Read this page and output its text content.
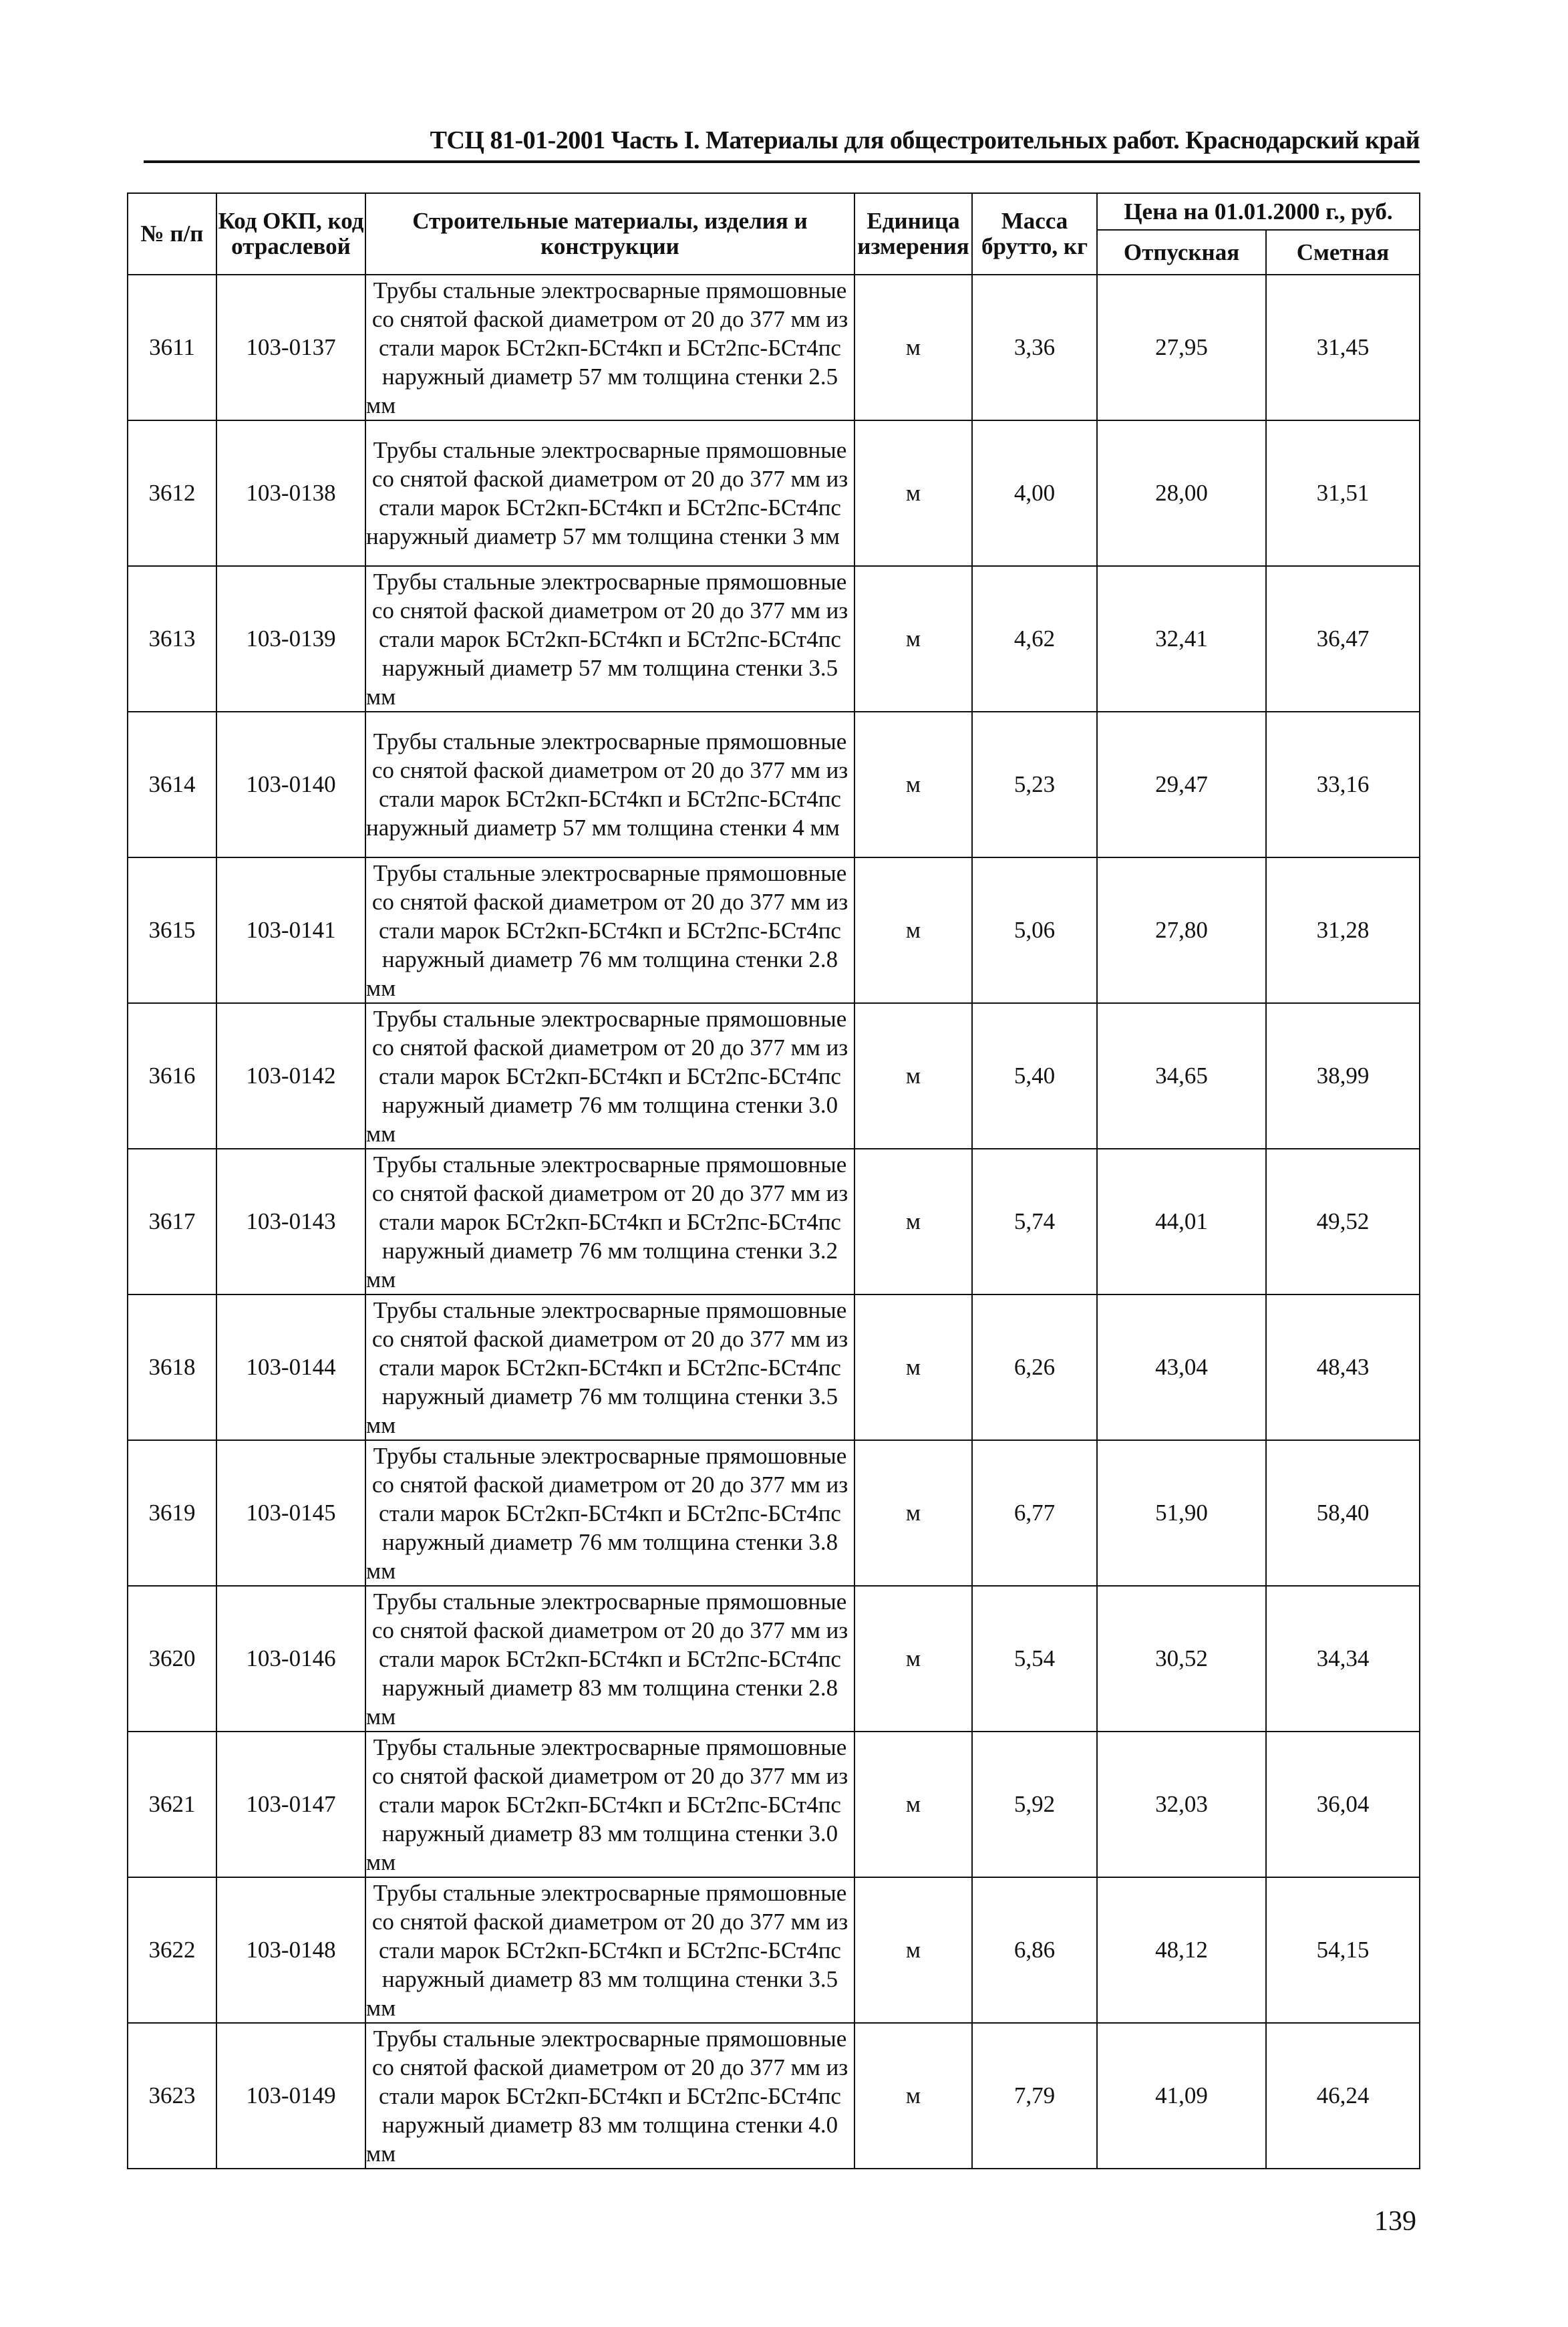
ТСЦ 81-01-2001 Часть I. Материалы для общестроительных работ. Краснодарский край
№ п/п	Код ОКП, код отраслевой	Строительные материалы, изделия и конструкции	Единица измерения	Масса брутто, кг	Цена на 01.01.2000 г., руб.	
					Отпускная	Сметная
3611	103-0137	Трубы стальные электросварные прямошовные со снятой фаской диаметром от 20 до 377 мм из стали марок БСт2кп-БСт4кп и БСт2пс-БСт4пс наружный диаметр 57 мм толщина стенки 2.5 мм	м	3,36	27,95	31,45
3612	103-0138	Трубы стальные электросварные прямошовные со снятой фаской диаметром от 20 до 377 мм из стали марок БСт2кп-БСт4кп и БСт2пс-БСт4пс наружный диаметр 57 мм толщина стенки 3 мм	м	4,00	28,00	31,51
3613	103-0139	Трубы стальные электросварные прямошовные со снятой фаской диаметром от 20 до 377 мм из стали марок БСт2кп-БСт4кп и БСт2пс-БСт4пс наружный диаметр 57 мм толщина стенки 3.5 мм	м	4,62	32,41	36,47
3614	103-0140	Трубы стальные электросварные прямошовные со снятой фаской диаметром от 20 до 377 мм из стали марок БСт2кп-БСт4кп и БСт2пс-БСт4пс наружный диаметр 57 мм толщина стенки 4 мм	м	5,23	29,47	33,16
3615	103-0141	Трубы стальные электросварные прямошовные со снятой фаской диаметром от 20 до 377 мм из стали марок БСт2кп-БСт4кп и БСт2пс-БСт4пс наружный диаметр 76 мм толщина стенки 2.8 мм	м	5,06	27,80	31,28
3616	103-0142	Трубы стальные электросварные прямошовные со снятой фаской диаметром от 20 до 377 мм из стали марок БСт2кп-БСт4кп и БСт2пс-БСт4пс наружный диаметр 76 мм толщина стенки 3.0 мм	м	5,40	34,65	38,99
3617	103-0143	Трубы стальные электросварные прямошовные со снятой фаской диаметром от 20 до 377 мм из стали марок БСт2кп-БСт4кп и БСт2пс-БСт4пс наружный диаметр 76 мм толщина стенки 3.2 мм	м	5,74	44,01	49,52
3618	103-0144	Трубы стальные электросварные прямошовные со снятой фаской диаметром от 20 до 377 мм из стали марок БСт2кп-БСт4кп и БСт2пс-БСт4пс наружный диаметр 76 мм толщина стенки 3.5 мм	м	6,26	43,04	48,43
3619	103-0145	Трубы стальные электросварные прямошовные со снятой фаской диаметром от 20 до 377 мм из стали марок БСт2кп-БСт4кп и БСт2пс-БСт4пс наружный диаметр 76 мм толщина стенки 3.8 мм	м	6,77	51,90	58,40
3620	103-0146	Трубы стальные электросварные прямошовные со снятой фаской диаметром от 20 до 377 мм из стали марок БСт2кп-БСт4кп и БСт2пс-БСт4пс наружный диаметр 83 мм толщина стенки 2.8 мм	м	5,54	30,52	34,34
3621	103-0147	Трубы стальные электросварные прямошовные со снятой фаской диаметром от 20 до 377 мм из стали марок БСт2кп-БСт4кп и БСт2пс-БСт4пс наружный диаметр 83 мм толщина стенки 3.0 мм	м	5,92	32,03	36,04
3622	103-0148	Трубы стальные электросварные прямошовные со снятой фаской диаметром от 20 до 377 мм из стали марок БСт2кп-БСт4кп и БСт2пс-БСт4пс наружный диаметр 83 мм толщина стенки 3.5 мм	м	6,86	48,12	54,15
3623	103-0149	Трубы стальные электросварные прямошовные со снятой фаской диаметром от 20 до 377 мм из стали марок БСт2кп-БСт4кп и БСт2пс-БСт4пс наружный диаметр 83 мм толщина стенки 4.0 мм	м	7,79	41,09	46,24
139
